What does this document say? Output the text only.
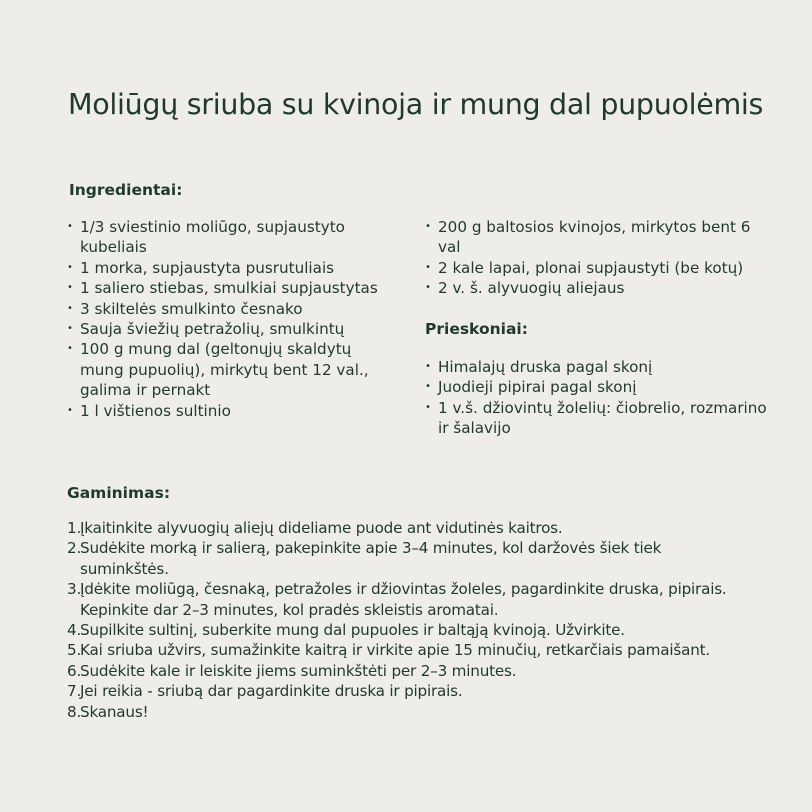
Moliūgų sriuba su kvinoja ir mung dal pupuolėmis
Ingredientai:
• 1/3 sviestinio moliūgo, supjaustyto kubeliais
• 1 morka, supjaustyta pusrutuliais
• 1 saliero stiebas, smulkiai supjaustytas
• 3 skiltelės smulkinto česnako
• Sauja šviežių petražolių, smulkintų
• 100 g mung dal (geltonųjų skaldytų mung pupuolių), mirkytų bent 12 val., galima ir pernakt
• 1 l vištienos sultinio
• 200 g baltosios kvinojos, mirkytos bent 6 val
• 2 kale lapai, plonai supjaustyti (be kotų)
• 2 v. š. alyvuogių aliejaus
Prieskoniai:
• Himalajų druska pagal skonį
• Juodieji pipirai pagal skonį
• 1 v.š. džiovintų žolelių: čiobrelio, rozmarino ir šalavijo
Gaminimas:
1.
Įkaitinkite alyvuogių aliejų dideliame puode ant vidutinės kaitros.
2.
Sudėkite morką ir salierą, pakepinkite apie 3–4 minutes, kol daržovės šiek tiek suminkštės.
3.
Įdėkite moliūgą, česnaką, petražoles ir džiovintas žoleles, pagardinkite druska, pipirais. Kepinkite dar 2–3 minutes, kol pradės skleistis aromatai.
4.
Supilkite sultinį, suberkite mung dal pupuoles ir baltąją kvinoją. Užvirkite.
5.
Kai sriuba užvirs, sumažinkite kaitrą ir virkite apie 15 minučių, retkarčiais pamaišant.
6.
Sudėkite kale ir leiskite jiems suminkštėti per 2–3 minutes.
7.
Jei reikia - sriubą dar pagardinkite druska ir pipirais.
8.
Skanaus!
